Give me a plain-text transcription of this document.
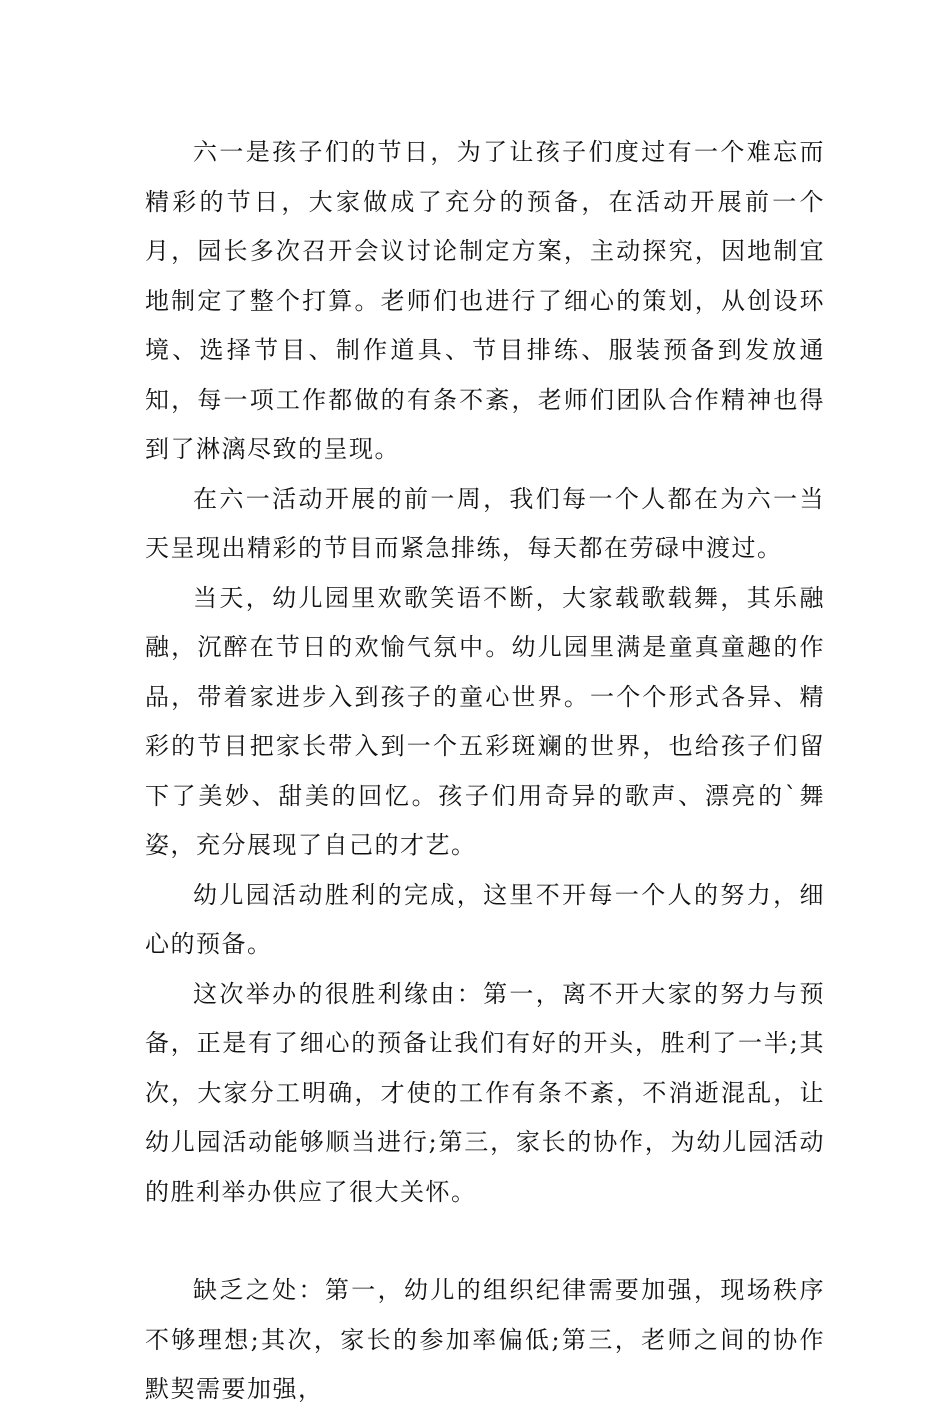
六一是孩子们的节日，为了让孩子们度过有一个难忘而精彩的节日，大家做成了充分的预备，在活动开展前一个月，园长多次召开会议讨论制定方案，主动探究，因地制宜地制定了整个打算。老师们也进行了细心的策划，从创设环境、选择节目、制作道具、节目排练、服装预备到发放通知，每一项工作都做的有条不紊，老师们团队合作精神也得到了淋漓尽致的呈现。

在六一活动开展的前一周，我们每一个人都在为六一当天呈现出精彩的节目而紧急排练，每天都在劳碌中渡过。

当天，幼儿园里欢歌笑语不断，大家载歌载舞，其乐融融，沉醉在节日的欢愉气氛中。幼儿园里满是童真童趣的作品，带着家进步入到孩子的童心世界。一个个形式各异、精彩的节目把家长带入到一个五彩斑斓的世界，也给孩子们留下了美妙、甜美的回忆。孩子们用奇异的歌声、漂亮的`舞姿，充分展现了自己的才艺。

幼儿园活动胜利的完成，这里不开每一个人的努力，细心的预备。

这次举办的很胜利缘由：第一，离不开大家的努力与预备，正是有了细心的预备让我们有好的开头，胜利了一半;其次，大家分工明确，才使的工作有条不紊，不消逝混乱，让幼儿园活动能够顺当进行;第三，家长的协作，为幼儿园活动的胜利举办供应了很大关怀。

缺乏之处：第一，幼儿的组织纪律需要加强，现场秩序不够理想;其次，家长的参加率偏低;第三，老师之间的协作默契需要加强，
